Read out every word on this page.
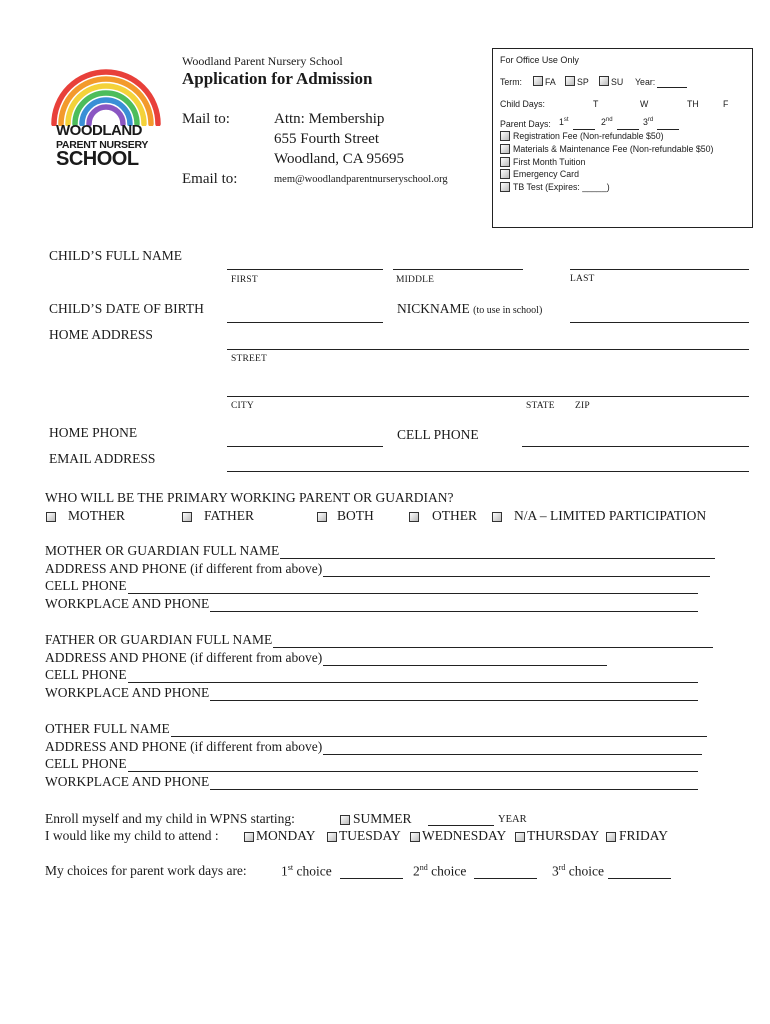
WOODLAND
PARENT NURSERY
SCHOOL
Woodland Parent Nursery School
Application for Admission
Mail to:	Attn: Membership
655 Fourth Street
Woodland, CA 95695
Email to:	mem@woodlandparentnurseryschool.org
For Office Use Only
Term:	FA SP	SU Year:
Child Days:	T	W	TH	F
Parent Days: 1st	2nd	3rd
Registration Fee (Non-refundable $50)
Materials & Maintenance Fee (Non-refundable $50)
First Month Tuition
Emergency Card
TB Test (Expires: _____)
CHILD’S FULL NAME
FIRST	MIDDLE	LAST
CHILD’S DATE OF BIRTH	NICKNAME (to use in school)
HOME ADDRESS
STREET
CITY	STATE ZIP
HOME PHONE	CELL PHONE
EMAIL ADDRESS
WHO WILL BE THE PRIMARY WORKING PARENT OR GUARDIAN?
MOTHER	FATHER	BOTH	OTHER	N/A – LIMITED PARTICIPATION
MOTHER OR GUARDIAN FULL NAME
ADDRESS AND PHONE (if different from above)
CELL PHONE
WORKPLACE AND PHONE
FATHER OR GUARDIAN FULL NAME
ADDRESS AND PHONE (if different from above)
CELL PHONE
WORKPLACE AND PHONE
OTHER FULL NAME
ADDRESS AND PHONE (if different from above)
CELL PHONE
WORKPLACE AND PHONE
Enroll myself and my child in WPNS starting:	SUMMER	YEAR
I would like my child to attend :	MONDAY TUESDAY WEDNESDAY THURSDAY FRIDAY
My choices for parent work days are:	1st choice	2nd choice	3rd choice
